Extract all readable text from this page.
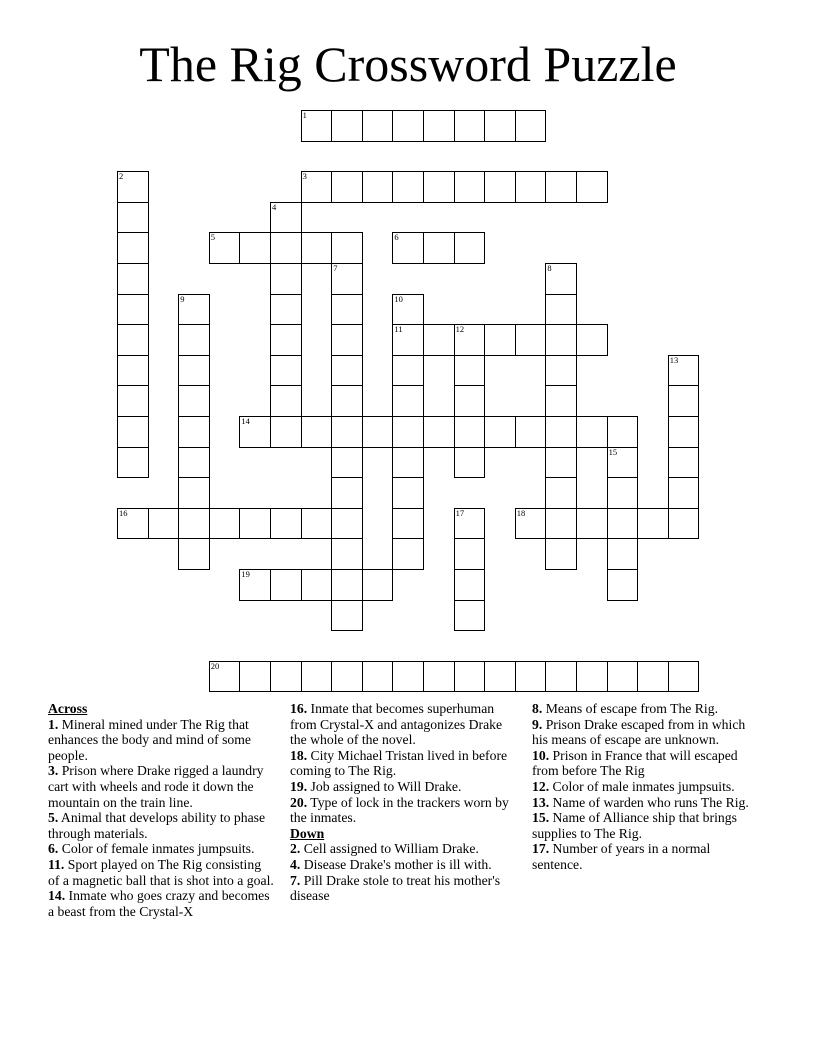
The Rig Crossword Puzzle
1
2	3
4
5	6
7	8
9	10
11	12
13
14
15
16	17	18
19
20

Across

1. Mineral mined under The Rig that enhances the body and mind of some people.

3. Prison where Drake rigged a laundry cart with wheels and rode it down the mountain on the train line.

5. Animal that develops ability to phase through materials.

6. Color of female inmates jumpsuits.

11. Sport played on The Rig consisting of a magnetic ball that is shot into a goal.

14. Inmate who goes crazy and becomes a beast from the Crystal-X

16. Inmate that becomes superhuman from Crystal-X and antagonizes Drake the whole of the novel.

18. City Michael Tristan lived in before coming to The Rig.

19. Job assigned to Will Drake.

20. Type of lock in the trackers worn by the inmates.

Down

2. Cell assigned to William Drake.

4. Disease Drake's mother is ill with.

7. Pill Drake stole to treat his mother's disease

8. Means of escape from The Rig.

9. Prison Drake escaped from in which his means of escape are unknown.

10. Prison in France that will escaped from before The Rig

12. Color of male inmates jumpsuits.

13. Name of warden who runs The Rig.

15. Name of Alliance ship that brings supplies to The Rig.

17. Number of years in a normal sentence.
